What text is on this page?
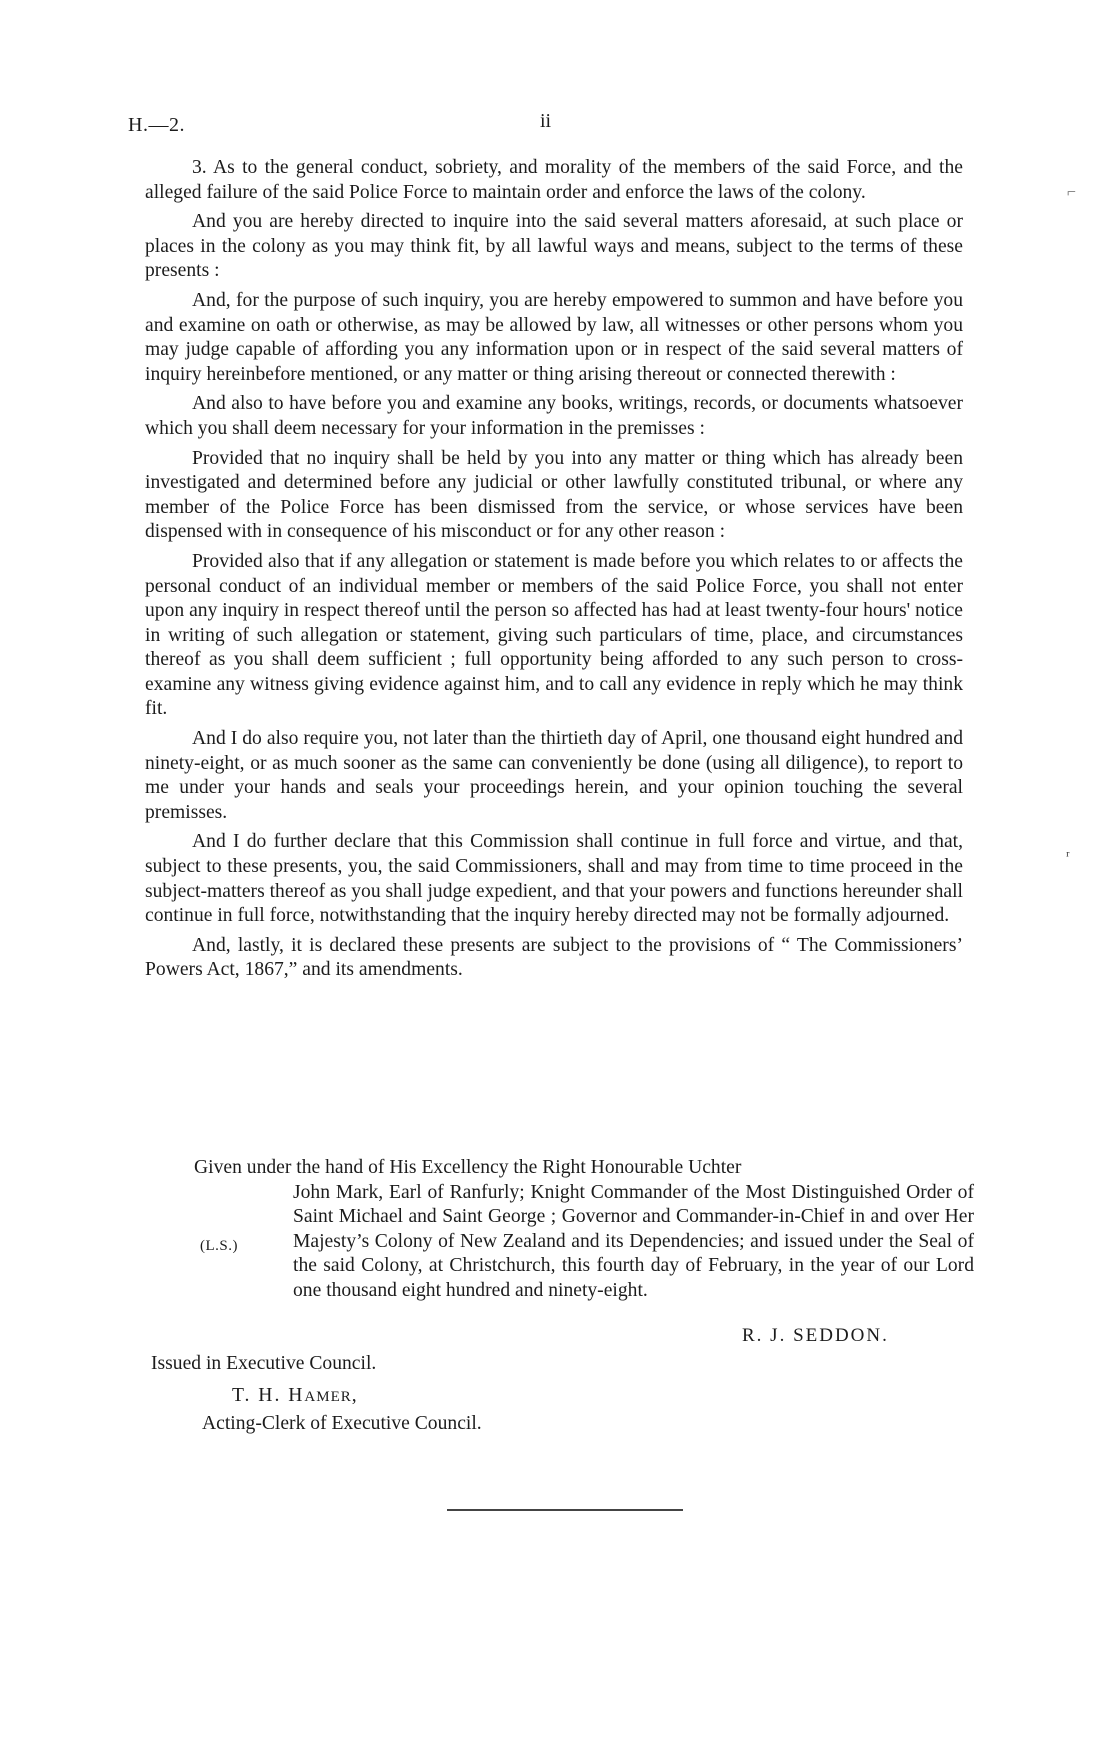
H.—2.	ii

3. As to the general conduct, sobriety, and morality of the members of the said Force, and the alleged failure of the said Police Force to maintain order and enforce the laws of the colony.

And you are hereby directed to inquire into the said several matters aforesaid, at such place or places in the colony as you may think fit, by all lawful ways and means, subject to the terms of these presents :

And, for the purpose of such inquiry, you are hereby empowered to summon and have before you and examine on oath or otherwise, as may be allowed by law, all witnesses or other persons whom you may judge capable of affording you any information upon or in respect of the said several matters of inquiry hereinbefore mentioned, or any matter or thing arising thereout or connected therewith :

And also to have before you and examine any books, writings, records, or documents whatsoever which you shall deem necessary for your information in the premisses :

Provided that no inquiry shall be held by you into any matter or thing which has already been investigated and determined before any judicial or other lawfully constituted tribunal, or where any member of the Police Force has been dismissed from the service, or whose services have been dispensed with in consequence of his misconduct or for any other reason :

Provided also that if any allegation or statement is made before you which relates to or affects the personal conduct of an individual member or members of the said Police Force, you shall not enter upon any inquiry in respect thereof until the person so affected has had at least twenty-four hours' notice in writing of such allegation or statement, giving such particulars of time, place, and circumstances thereof as you shall deem sufficient ; full opportunity being afforded to any such person to cross-examine any witness giving evidence against him, and to call any evidence in reply which he may think fit.

And I do also require you, not later than the thirtieth day of April, one thousand eight hundred and ninety-eight, or as much sooner as the same can conveniently be done (using all diligence), to report to me under your hands and seals your proceedings herein, and your opinion touching the several premisses.

And I do further declare that this Commission shall continue in full force and virtue, and that, subject to these presents, you, the said Commissioners, shall and may from time to time proceed in the subject-matters thereof as you shall judge expedient, and that your powers and functions hereunder shall continue in full force, notwithstanding that the inquiry hereby directed may not be formally adjourned.

And, lastly, it is declared these presents are subject to the provisions of “ The Commissioners’ Powers Act, 1867,” and its amendments.

Given under the hand of His Excellency the Right Honourable Uchter
John Mark, Earl of Ranfurly; Knight Commander of the Most Distinguished Order of Saint Michael and Saint George ; Governor and Commander-in-Chief in and over Her Majesty’s Colony of New Zealand and its Dependencies; and issued under the Seal of the said Colony, at Christchurch, this fourth day of February, in the year of our Lord one thousand eight hundred and ninety-eight.
(L.S.)
R. J. SEDDON.
Issued in Executive Council.
T. H. HAMER,
Acting-Clerk of Executive Council.
⌐
ʳ
